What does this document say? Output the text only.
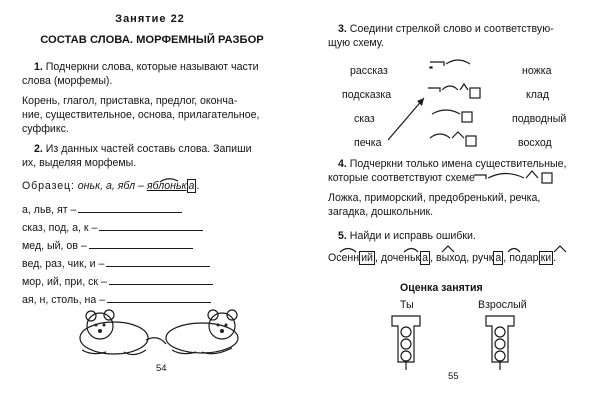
Занятие 22
СОСТАВ СЛОВА. МОРФЕМНЫЙ РАЗБОР
1. Подчеркни слова, которые называют части
слова (морфемы).
Корень, глагол, приставка, предлог, оконча-
ние, существительное, основа, прилагательное,
суффикс.
2. Из данных частей составь слова. Запиши
их, выделяя морфемы.
Образец: оньк, а, ябл – яблоньк а .
а, льв, ят –
сказ, под, а, к –
мед, ый, ов –
вед, раз, чик, и –
мор, ий, при, ск –
ая, н, столь, на –
54
3. Соедини стрелкой слово и соответствую-
щую схему.
рассказ
подсказка
сказ
печка
ножка
клад
подводный
восход
4. Подчеркни только имена существительные,
которые соответствуют схеме
Ложка, приморский, предобренький, речка,
загадка, дошкольник.
5. Найди и исправь ошибки.
Осенн ий , доченьк а , выход, ручк а , подар ки .
Оценка занятия
Ты	Взрослый
55
